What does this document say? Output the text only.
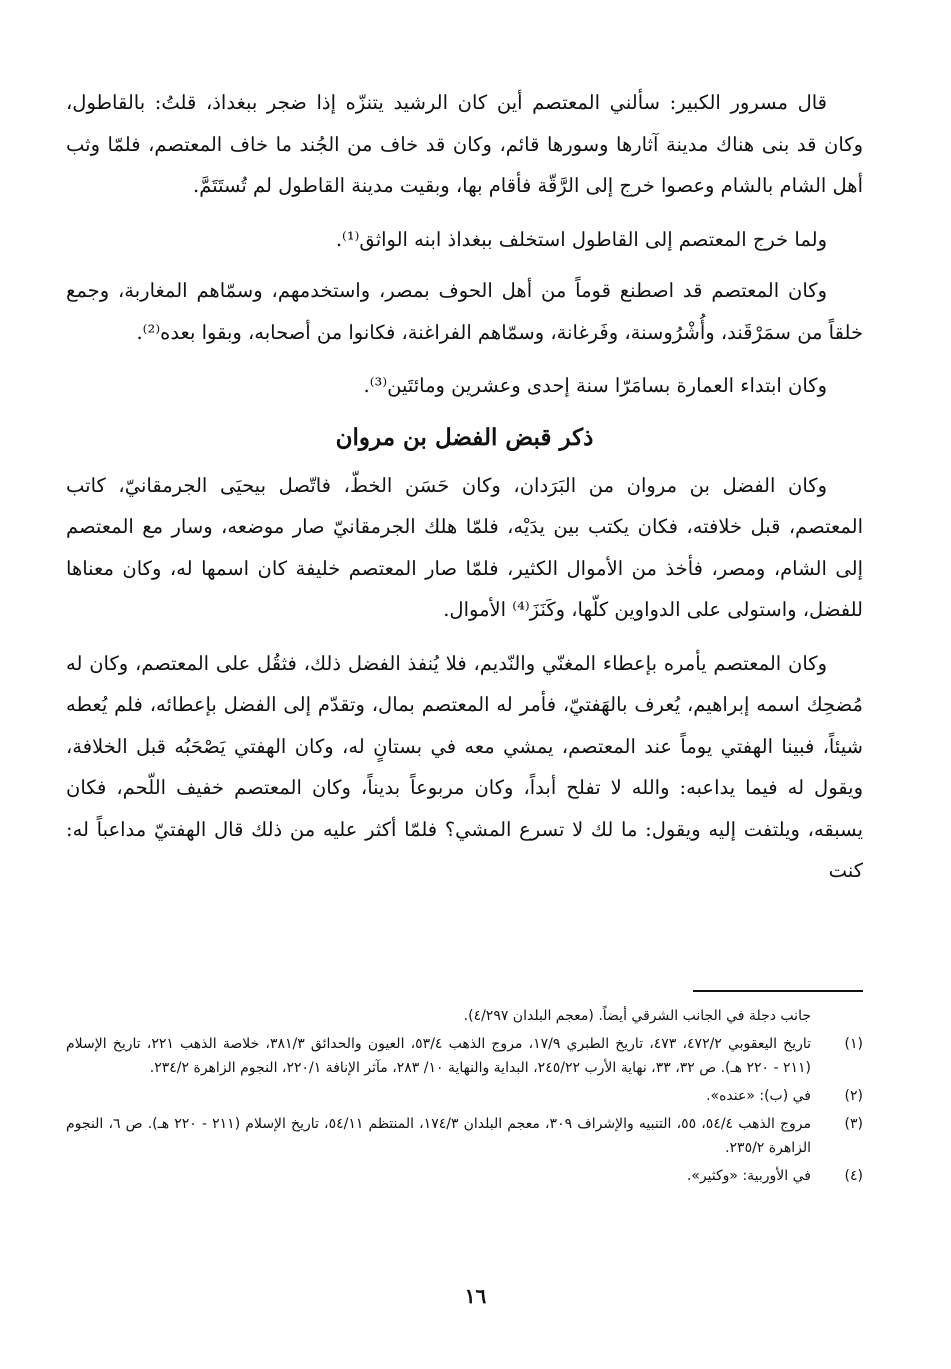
قال مسرور الكبير: سألني المعتصم أين كان الرشيد يتنزّه إذا ضجر ببغداذ، قلتُ: بالقاطول، وكان قد بنى هناك مدينة آثارها وسورها قائم، وكان قد خاف من الجُند ما خاف المعتصم، فلمّا وثب أهل الشام بالشام وعصوا خرج إلى الرَّقّة فأقام بها، وبقيت مدينة القاطول لم تُستَتَمَّ.

ولما خرج المعتصم إلى القاطول استخلف ببغداذ ابنه الواثق⁽¹⁾.

وكان المعتصم قد اصطنع قوماً من أهل الحوف بمصر، واستخدمهم، وسمّاهم المغاربة، وجمع خلقاً من سمَرْقَند، وأُشْرُوسنة، وفَرغانة، وسمّاهم الفراغنة، فكانوا من أصحابه، وبقوا بعده⁽²⁾.

وكان ابتداء العمارة بسامَرّا سنة إحدى وعشرين ومائتَين⁽³⁾.

ذكر قبض الفضل بن مروان

وكان الفضل بن مروان من البَرَدان، وكان حَسَن الخطّ، فاتّصل بيحيَى الجرمقانيّ، كاتب المعتصم، قبل خلافته، فكان يكتب بين يدَيْه، فلمّا هلك الجرمقانيّ صار موضعه، وسار مع المعتصم إلى الشام، ومصر، فأخذ من الأموال الكثير، فلمّا صار المعتصم خليفة كان اسمها له، وكان معناها للفضل، واستولى على الدواوين كلّها، وكَنَزَ⁽⁴⁾ الأموال.

وكان المعتصم يأمره بإعطاء المغنّي والنّديم، فلا يُنفذ الفضل ذلك، فثقُل على المعتصم، وكان له مُضحِك اسمه إبراهيم، يُعرف بالهَفتيّ، فأمر له المعتصم بمال، وتقدّم إلى الفضل بإعطائه، فلم يُعطه شيئاً، فبينا الهفتي يوماً عند المعتصم، يمشي معه في بستانٍ له، وكان الهفتي يَصْحَبُه قبل الخلافة، ويقول له فيما يداعبه: والله لا تفلح أبداً، وكان مربوعاً بديناً، وكان المعتصم خفيف اللّحم، فكان يسبقه، ويلتفت إليه ويقول: ما لك لا تسرع المشي؟ فلمّا أكثر عليه من ذلك قال الهفتيّ مداعباً له: كنت

جانب دجلة في الجانب الشرقي أيضاً. (معجم البلدان ٤/٢٩٧).
(١)
تاريخ اليعقوبي ٤٧٢/٢، ٤٧٣، تاريخ الطبري ١٧/٩، مروج الذهب ٥٣/٤، العيون والحدائق ٣٨١/٣، خلاصة الذهب ٢٢١، تاريخ الإسلام (٢١١ - ٢٢٠ هـ). ص ٣٢، ٣٣، نهاية الأرب ٢٤٥/٢٢، البداية والنهاية ١٠/ ٢٨٣، مآثر الإنافة ٢٢٠/١، النجوم الزاهرة ٢٣٤/٢.
(٢)
في (ب): «عنده».
(٣)
مروج الذهب ٥٤/٤، ٥٥، التنبيه والإشراف ٣٠٩، معجم البلدان ١٧٤/٣، المنتظم ٥٤/١١، تاريخ الإسلام (٢١١ - ٢٢٠ هـ). ص ٦، النجوم الزاهرة ٢٣٥/٢.
(٤)
في الأوربية: «وكثير».
١٦
